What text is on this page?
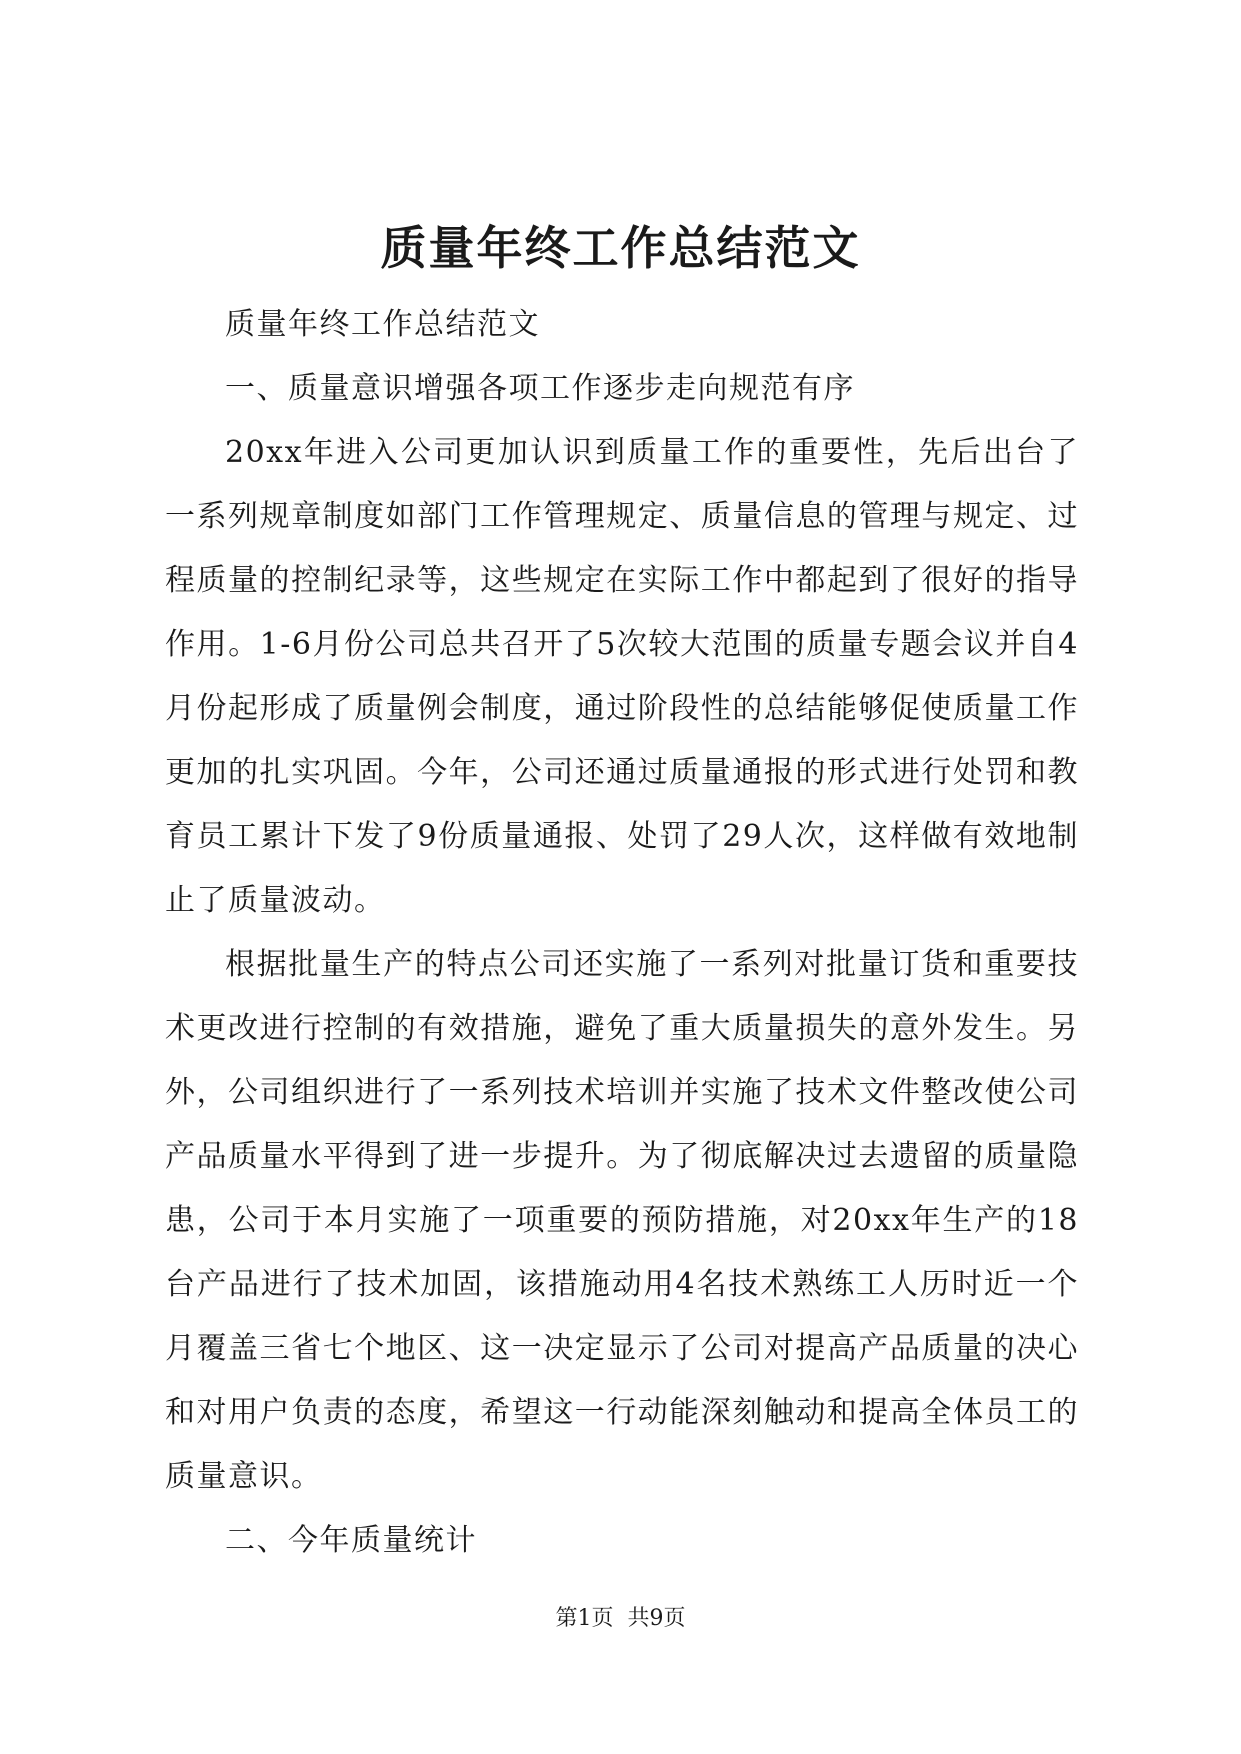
质量年终工作总结范文

质量年终工作总结范文

一、质量意识增强各项工作逐步走向规范有序

20xx年进入公司更加认识到质量工作的重要性，先后出台了一系列规章制度如部门工作管理规定、质量信息的管理与规定、过程质量的控制纪录等，这些规定在实际工作中都起到了很好的指导作用。1-6月份公司总共召开了5次较大范围的质量专题会议并自4月份起形成了质量例会制度，通过阶段性的总结能够促使质量工作更加的扎实巩固。今年，公司还通过质量通报的形式进行处罚和教育员工累计下发了9份质量通报、处罚了29人次，这样做有效地制止了质量波动。

根据批量生产的特点公司还实施了一系列对批量订货和重要技术更改进行控制的有效措施，避免了重大质量损失的意外发生。另外，公司组织进行了一系列技术培训并实施了技术文件整改使公司产品质量水平得到了进一步提升。为了彻底解决过去遗留的质量隐患，公司于本月实施了一项重要的预防措施，对20xx年生产的18台产品进行了技术加固，该措施动用4名技术熟练工人历时近一个月覆盖三省七个地区、这一决定显示了公司对提高产品质量的决心和对用户负责的态度，希望这一行动能深刻触动和提高全体员工的质量意识。

二、今年质量统计

第1页 共9页
